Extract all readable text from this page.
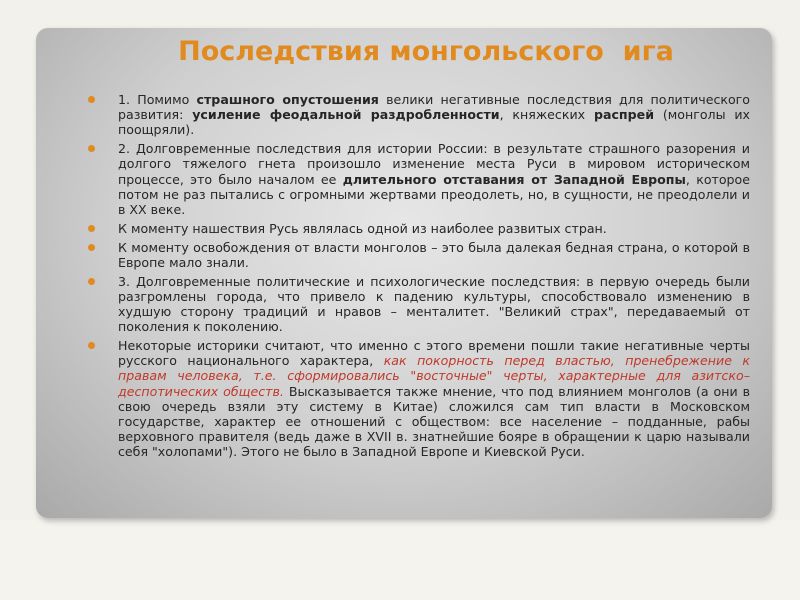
Последствия монгольского  ига
1. Помимо страшного опустошения велики негативные последствия для политического развития: усиление феодальной раздробленности, княжеских распрей (монголы их поощряли).
2. Долговременные последствия для истории России: в результате страшного разорения и долгого тяжелого гнета произошло изменение места Руси в мировом историческом процессе, это было началом ее длительного отставания от Западной Европы, которое потом не раз пытались с огромными жертвами преодолеть, но, в сущности, не преодолели и в XX веке.
К моменту нашествия Русь являлась одной из наиболее развитых стран.
К моменту освобождения от власти монголов – это была далекая бедная страна, о которой в Европе мало знали.
3. Долговременные политические и психологические последствия: в первую очередь были разгромлены города, что привело к падению культуры, способствовало изменению в худшую сторону традиций и нравов – менталитет. "Великий страх", передаваемый от поколения к поколению.
Некоторые историки считают, что именно с этого времени пошли такие негативные черты русского национального характера, как покорность перед властью, пренебрежение к правам человека, т.е. сформировались "восточные" черты, характерные для азитско–деспотических обществ. Высказывается также мнение, что под влиянием монголов (а они в свою очередь взяли эту систему в Китае) сложился сам тип власти в Московском государстве, характер ее отношений с обществом: все население – подданные, рабы верховного правителя (ведь даже в XVII в. знатнейшие бояре в обращении к царю называли себя "холопами"). Этого не было в Западной Европе и Киевской Руси.
